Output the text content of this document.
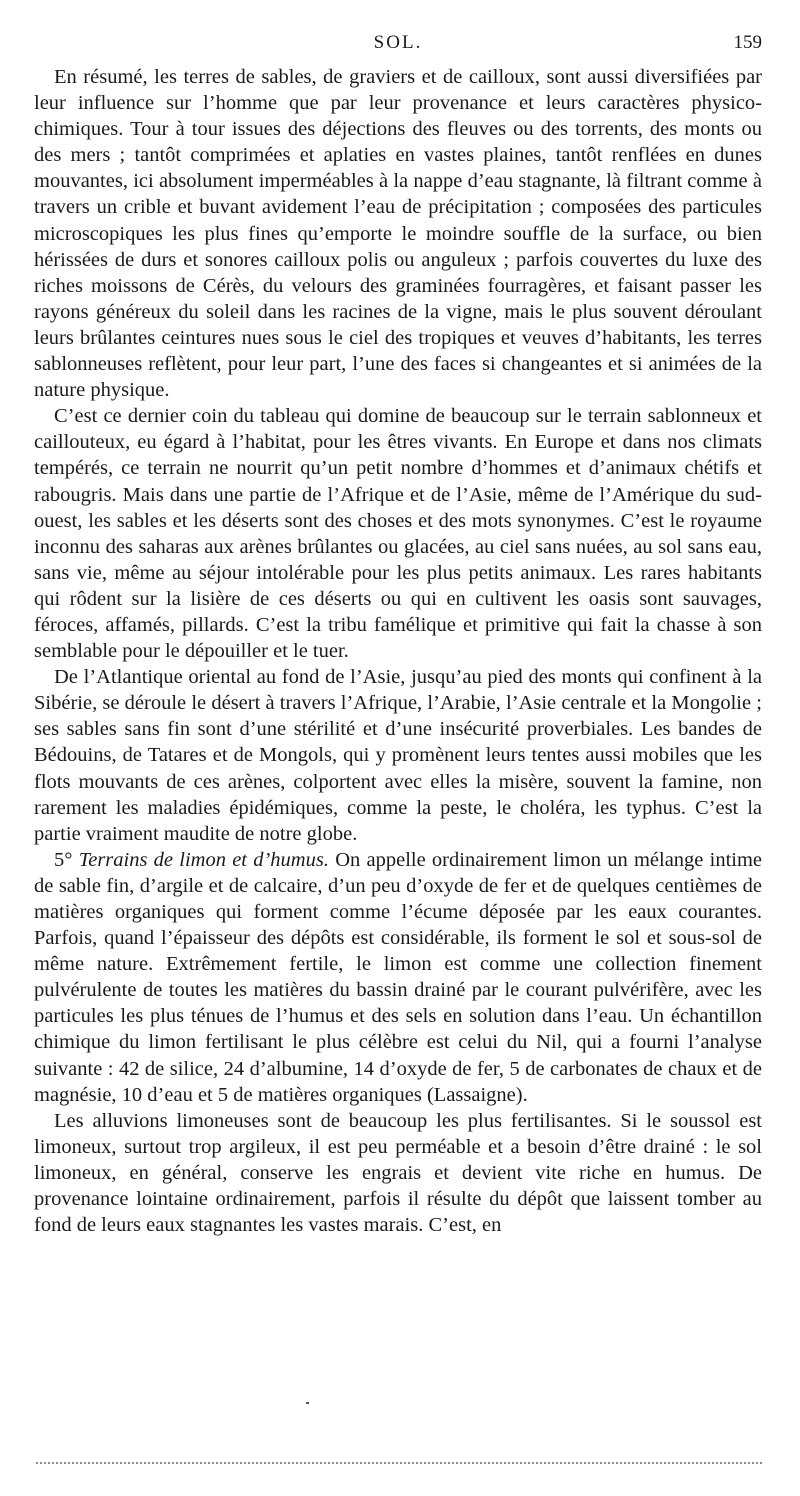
SOL.	159

En résumé, les terres de sables, de graviers et de cailloux, sont aussi diversifiées par leur influence sur l’homme que par leur provenance et leurs caractères physico-chimiques. Tour à tour issues des déjections des fleuves ou des torrents, des monts ou des mers ; tantôt comprimées et aplaties en vastes plaines, tantôt renflées en dunes mouvantes, ici absolument imperméables à la nappe d’eau stagnante, là filtrant comme à travers un crible et buvant avidement l’eau de précipitation ; composées des particules microscopiques les plus fines qu’emporte le moindre souffle de la surface, ou bien hérissées de durs et sonores cailloux polis ou anguleux ; parfois couvertes du luxe des riches moissons de Cérès, du velours des graminées fourragères, et faisant passer les rayons généreux du soleil dans les racines de la vigne, mais le plus souvent déroulant leurs brûlantes ceintures nues sous le ciel des tropiques et veuves d’habitants, les terres sablonneuses reflètent, pour leur part, l’une des faces si changeantes et si animées de la nature physique.

C’est ce dernier coin du tableau qui domine de beaucoup sur le terrain sablonneux et caillouteux, eu égard à l’habitat, pour les êtres vivants. En Europe et dans nos climats tempérés, ce terrain ne nourrit qu’un petit nombre d’hommes et d’animaux chétifs et rabougris. Mais dans une partie de l’Afrique et de l’Asie, même de l’Amérique du sud-ouest, les sables et les déserts sont des choses et des mots synonymes. C’est le royaume inconnu des saharas aux arènes brûlantes ou glacées, au ciel sans nuées, au sol sans eau, sans vie, même au séjour intolérable pour les plus petits animaux. Les rares habitants qui rôdent sur la lisière de ces déserts ou qui en cultivent les oasis sont sauvages, féroces, affamés, pillards. C’est la tribu famélique et primitive qui fait la chasse à son semblable pour le dépouiller et le tuer.

De l’Atlantique oriental au fond de l’Asie, jusqu’au pied des monts qui confinent à la Sibérie, se déroule le désert à travers l’Afrique, l’Arabie, l’Asie centrale et la Mongolie ; ses sables sans fin sont d’une stérilité et d’une insécurité proverbiales. Les bandes de Bédouins, de Tatares et de Mongols, qui y promènent leurs tentes aussi mobiles que les flots mouvants de ces arènes, colportent avec elles la misère, souvent la famine, non rarement les maladies épidémiques, comme la peste, le choléra, les typhus. C’est la partie vraiment maudite de notre globe.

5° Terrains de limon et d’humus. On appelle ordinairement limon un mélange intime de sable fin, d’argile et de calcaire, d’un peu d’oxyde de fer et de quelques centièmes de matières organiques qui forment comme l’écume déposée par les eaux courantes. Parfois, quand l’épaisseur des dépôts est considérable, ils forment le sol et sous-sol de même nature. Extrêmement fertile, le limon est comme une collection finement pulvérulente de toutes les matières du bassin drainé par le courant pulvérifère, avec les particules les plus ténues de l’humus et des sels en solution dans l’eau. Un échantillon chimique du limon fertilisant le plus célèbre est celui du Nil, qui a fourni l’analyse suivante : 42 de silice, 24 d’albumine, 14 d’oxyde de fer, 5 de carbonates de chaux et de magnésie, 10 d’eau et 5 de matières organiques (Lassaigne).

Les alluvions limoneuses sont de beaucoup les plus fertilisantes. Si le soussol est limoneux, surtout trop argileux, il est peu perméable et a besoin d’être drainé : le sol limoneux, en général, conserve les engrais et devient vite riche en humus. De provenance lointaine ordinairement, parfois il résulte du dépôt que laissent tomber au fond de leurs eaux stagnantes les vastes marais. C’est, en
